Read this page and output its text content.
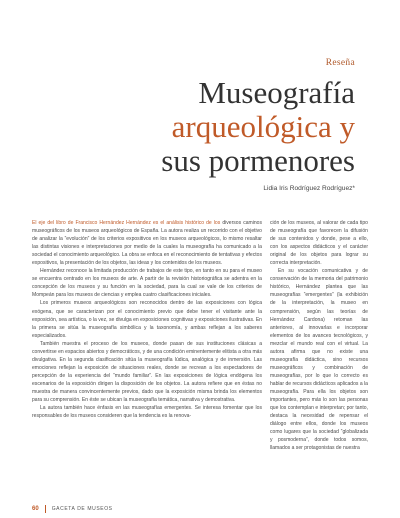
Reseña
Museografía
arqueológica y
sus pormenores
Lidia Iris Rodríguez Rodríguez*

El eje del libro de Francisco Hernández Hernández es el análisis histórico de los diversos caminos museográficos de los museos arqueológicos de España. La autora realiza un recorrido con el objetivo de analizar la “evolución” de los criterios expositivos en los museos arqueológicos, lo mismo resaltar las distintas visiones e interpretaciones por medio de la cuales la museografía ha comunicado a la sociedad el conocimiento arqueológico. La obra se enfoca en el reconocimiento de tentativas y efectos expositivos, la presentación de los objetos, las ideas y los contenidos de los museos.

Hernández reconoce la limitada producción de trabajos de este tipo, en tanto en su para el museo se encuentra centrado en los museos de arte. A partir de la revisión historiográfica se adentra en la concepción de los museos y su función en la sociedad, para la cual se vale de los criterios de Mompeán para los museos de ciencias y emplea cuatro clasificaciones iniciales.

Los primeros museos arqueológicos son reconocidos dentro de las exposiciones con lógica exógena, que se caracterizan por el conocimiento previo que debe tener el visitante ante la exposición, sea artística, o la vez, se divulga en exposiciones cognitivas y exposiciones ilustrativas. En la primera se sitúa la museografía simbólica y la taxonomía, y ambas reflejan a los saberes especializados.

También muestra el proceso de los museos, donde pasan de sus instituciones clásicas a convertirse en espacios abiertos y democráticos, y de una condición eminentemente elitista a otra más divulgativa. En la segunda clasificación sitúa la museografía lúdica, analógica y de inmersión. Las emociones reflejan la exposición de situaciones reales, donde se recrean a los espectadores de percepción de la experiencia del “mundo familiar”. En las exposiciones de lógica endógena los escenarios de la exposición dirigen la disposición de los objetos. La autora refiere que en éstas no muestra de manera convincentemente previos, dado que la exposición misma brinda los elementos para su comprensión. En éste se ubican la museografía temática, narrativa y demostrativa.

La autora también hace énfasis en las museografías emergentes. Se interesa fomentar que los responsables de los museos consideren que la tendencia es la renova-

ción de los museos, al valorar de cada tipo de museografía que favorecen la difusión de sus contenidos y donde, pese a ello, con los aspectos didácticos y el carácter original de los objetos para lograr su correcta interpretación.

En su vocación comunicativa y de conservación de la memoria del patrimonio histórico, Hernández plantea que las museografías “emergentes” (la exhibición de la interpretación, la museo en comprensión, según las teorías de Hernández Cardona) retoman las anteriores, al innovarlas e incorporar elementos de los avances tecnológicos, y mezclar el mundo real con el virtual. La autora afirma que no existe una museografía didáctica, sino recursos museográficos y combinación de museografías, por lo que lo correcto es hablar de recursos didácticos aplicados a la museografía. Para ella los objetos son importantes, pero más lo son las personas que los contemplan e interpretan; por tanto, destaca la necesidad de repensar el diálogo entre ellos, donde los museos como lugares que la sociedad “globalizada y posmoderna”, donde todos somos, llamados a ser protagonistas de nuestra

60	GACETA DE MUSEOS
